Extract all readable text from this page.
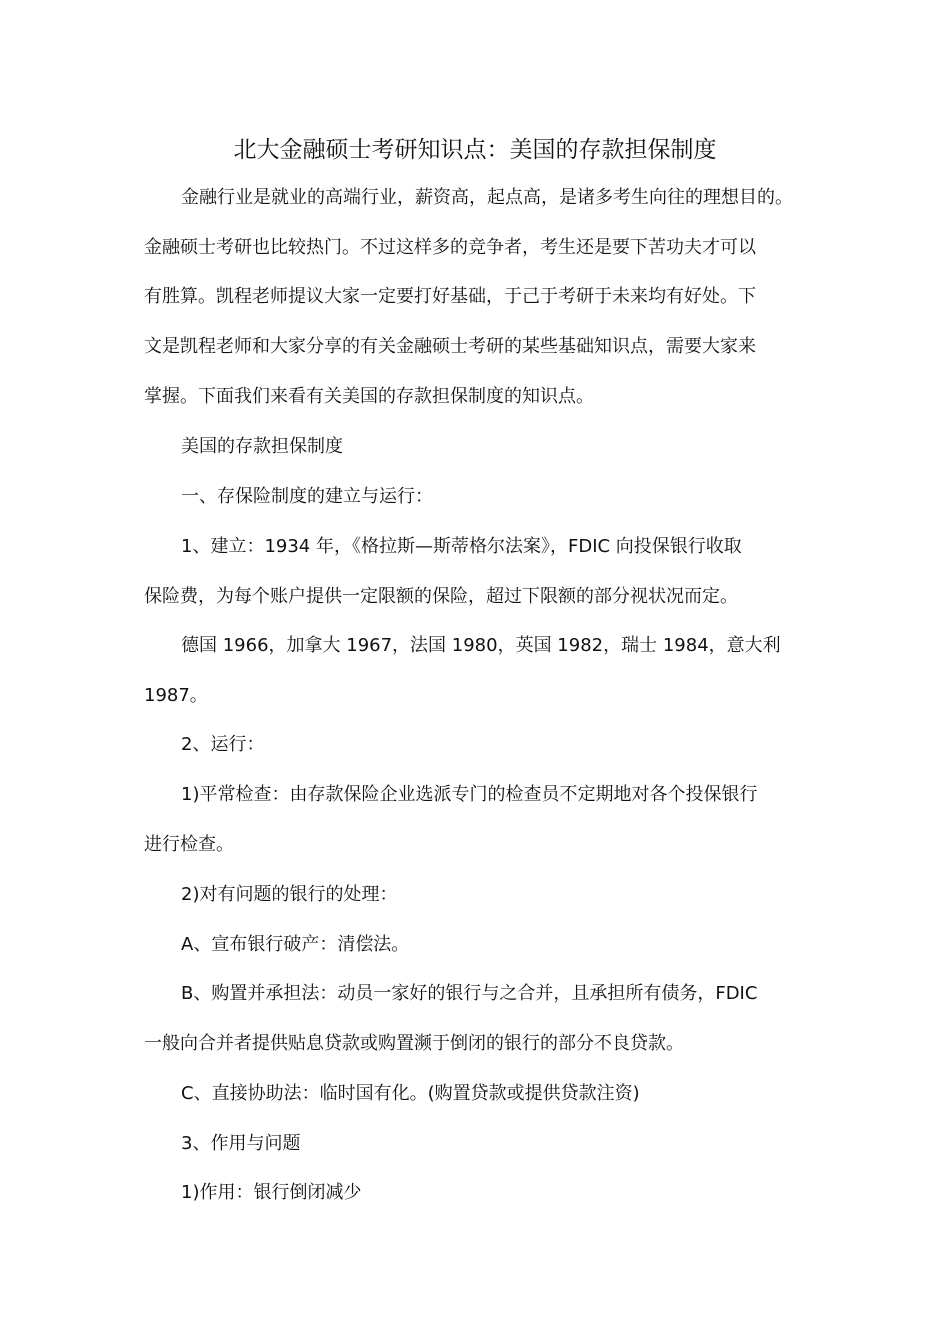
北大金融硕士考研知识点：美国的存款担保制度
金融行业是就业的高端行业，薪资高，起点高，是诸多考生向往的理想目的。
金融硕士考研也比较热门。不过这样多的竞争者，考生还是要下苦功夫才可以
有胜算。凯程老师提议大家一定要打好基础，于己于考研于未来均有好处。下
文是凯程老师和大家分享的有关金融硕士考研的某些基础知识点，需要大家来
掌握。下面我们来看有关美国的存款担保制度的知识点。
美国的存款担保制度
一、存保险制度的建立与运行：
1、建立：1934 年，《格拉斯—斯蒂格尔法案》，FDIC 向投保银行收取
保险费，为每个账户提供一定限额的保险，超过下限额的部分视状况而定。
德国 1966，加拿大 1967，法国 1980，英国 1982，瑞士 1984，意大利
1987。
2、运行：
1)平常检查：由存款保险企业选派专门的检查员不定期地对各个投保银行
进行检查。
2)对有问题的银行的处理：
A、宣布银行破产：清偿法。
B、购置并承担法：动员一家好的银行与之合并，且承担所有债务，FDIC
一般向合并者提供贴息贷款或购置濒于倒闭的银行的部分不良贷款。
C、直接协助法：临时国有化。(购置贷款或提供贷款注资)
3、作用与问题
1)作用：银行倒闭减少
